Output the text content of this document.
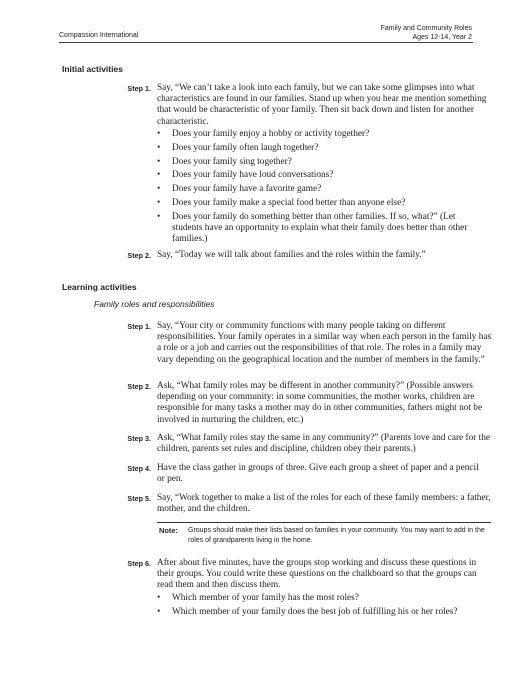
Family and Community Roles
Ages 12-14, Year 2
Compassion International
Initial activities
Step 1. Say, “We can’t take a look into each family, but we can take some glimpses into what characteristics are found in our families. Stand up when you hear me mention something that would be characteristic of your family. Then sit back down and listen for another characteristic.
• Does your family enjoy a hobby or activity together?
• Does your family often laugh together?
• Does your family sing together?
• Does your family have loud conversations?
• Does your family have a favorite game?
• Does your family make a special food better than anyone else?
• Does your family do something better than other families. If so, what?” (Let students have an opportunity to explain what their family does better than other families.)
Step 2. Say, “Today we will talk about families and the roles within the family.”
Learning activities
Family roles and responsibilities
Step 1. Say, “Your city or community functions with many people taking on different responsibilities. Your family operates in a similar way when each person in the family has a role or a job and carries out the responsibilities of that role. The roles in a family may vary depending on the geographical location and the number of members in the family.”
Step 2. Ask, “What family roles may be different in another community?” (Possible answers depending on your community: in some communities, the mother works, children are responsible for many tasks a mother may do in other communities, fathers might not be involved in nurturing the children, etc.)
Step 3. Ask, “What family roles stay the same in any community?” (Parents love and care for the children, parents set rules and discipline, children obey their parents.)
Step 4. Have the class gather in groups of three. Give each group a sheet of paper and a pencil or pen.
Step 5. Say, “Work together to make a list of the roles for each of these family members: a father, mother, and the children.
Note: Groups should make their lists based on families in your community. You may want to add in the roles of grandparents living in the home.
Step 6. After about five minutes, have the groups stop working and discuss these questions in their groups. You could write these questions on the chalkboard so that the groups can read them and then discuss them.
• Which member of your family has the most roles?
• Which member of your family does the best job of fulfilling his or her roles?
